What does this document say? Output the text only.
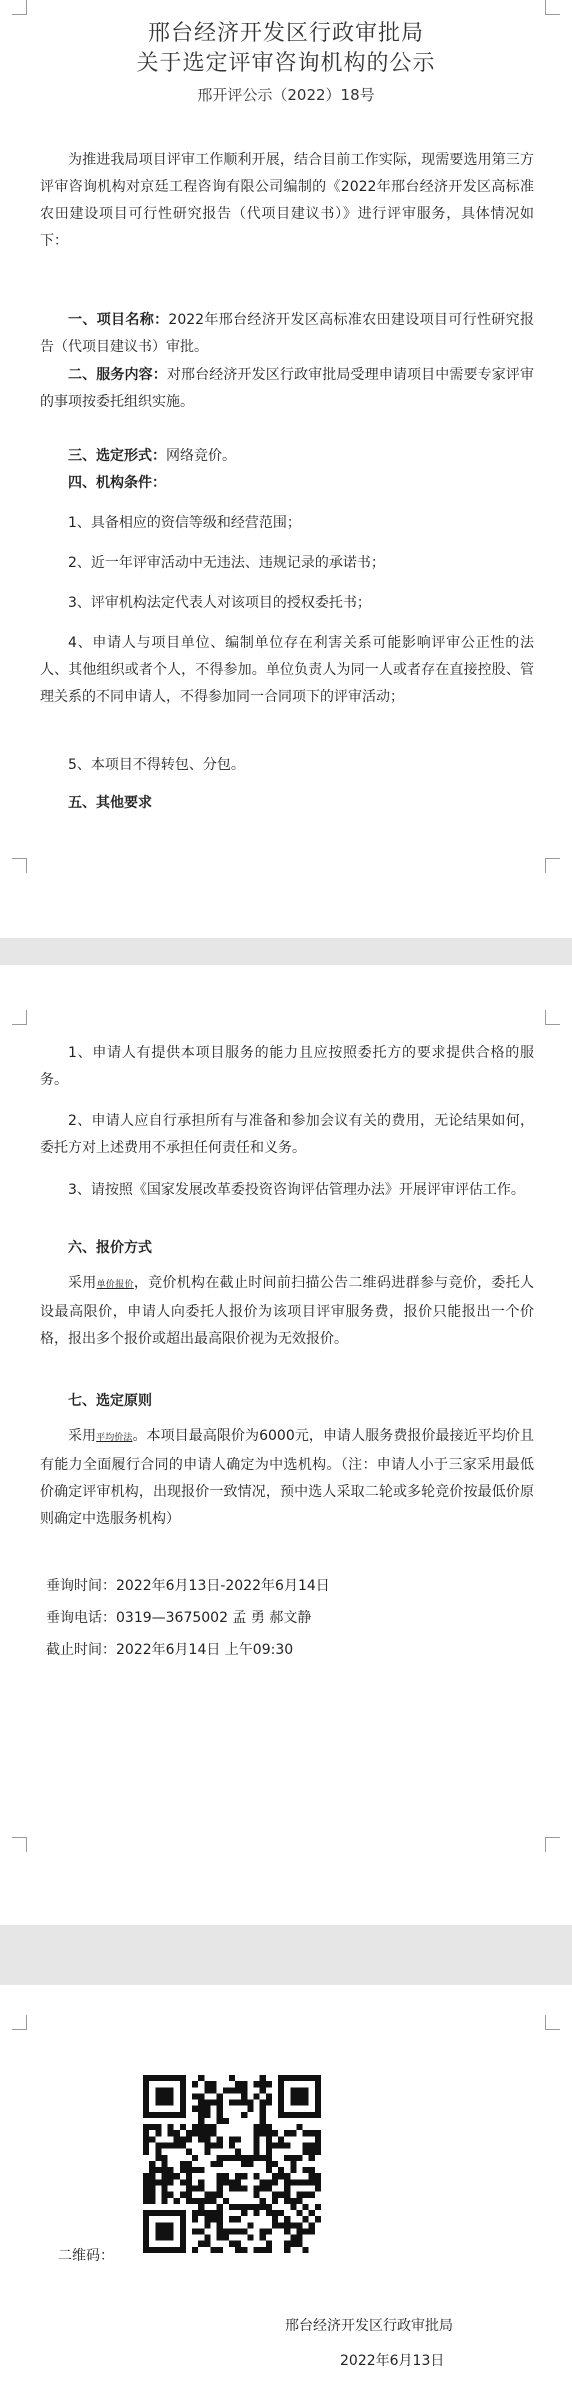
邢台经济开发区行政审批局
关于选定评审咨询机构的公示
邢开评公示（2022）18号

为推进我局项目评审工作顺利开展，结合目前工作实际，现需要选用第三方评审咨询机构对京廷工程咨询有限公司编制的《2022年邢台经济开发区高标准农田建设项目可行性研究报告（代项目建议书）》进行评审服务，具体情况如下：

一、项目名称：2022年邢台经济开发区高标准农田建设项目可行性研究报告（代项目建议书）审批。

二、服务内容：对邢台经济开发区行政审批局受理申请项目中需要专家评审的事项按委托组织实施。

三、选定形式：网络竞价。

四、机构条件：

1、具备相应的资信等级和经营范围；

2、近一年评审活动中无违法、违规记录的承诺书；

3、评审机构法定代表人对该项目的授权委托书；

4、申请人与项目单位、编制单位存在利害关系可能影响评审公正性的法人、其他组织或者个人，不得参加。单位负责人为同一人或者存在直接控股、管理关系的不同申请人，不得参加同一合同项下的评审活动；

5、本项目不得转包、分包。

五、其他要求

1、申请人有提供本项目服务的能力且应按照委托方的要求提供合格的服务。

2、申请人应自行承担所有与准备和参加会议有关的费用，无论结果如何，委托方对上述费用不承担任何责任和义务。

3、请按照《国家发展改革委投资咨询评估管理办法》开展评审评估工作。

六、报价方式

采用单价报价，竞价机构在截止时间前扫描公告二维码进群参与竞价，委托人设最高限价，申请人向委托人报价为该项目评审服务费，报价只能报出一个价格，报出多个报价或超出最高限价视为无效报价。

七、选定原则

采用平均价法。本项目最高限价为6000元，申请人服务费报价最接近平均价且有能力全面履行合同的申请人确定为中选机构。（注：申请人小于三家采用最低价确定评审机构，出现报价一致情况，预中选人采取二轮或多轮竞价按最低价原则确定中选服务机构）

垂询时间：2022年6月13日-2022年6月14日

垂询电话：0319—3675002 孟 勇 郝文静

截止时间：2022年6月14日 上午09:30

二维码：
邢台经济开发区行政审批局
2022年6月13日
